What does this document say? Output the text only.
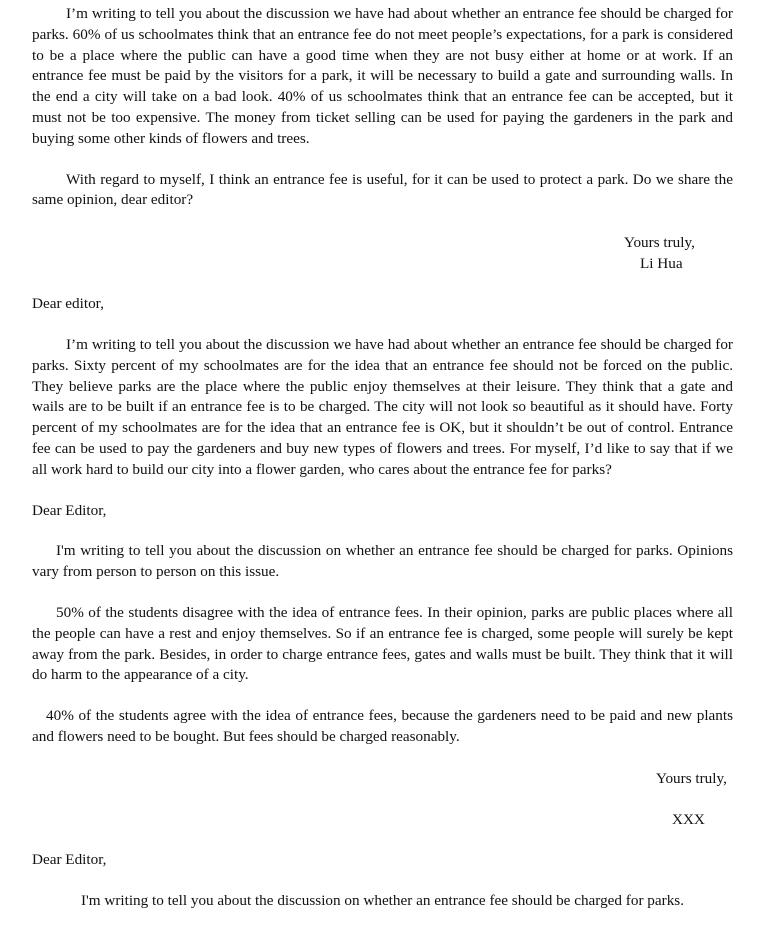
I’m writing to tell you about the discussion we have had about whether an entrance fee should be charged for parks. 60% of us schoolmates think that an entrance fee do not meet people’s expectations, for a park is considered to be a place where the public can have a good time when they are not busy either at home or at work. If an entrance fee must be paid by the visitors for a park, it will be necessary to build a gate and surrounding walls. In the end a city will take on a bad look. 40% of us schoolmates think that an entrance fee can be accepted, but it must not be too expensive. The money from ticket selling can be used for paying the gardeners in the park and buying some other kinds of flowers and trees.

With regard to myself, I think an entrance fee is useful, for it can be used to protect a park. Do we share the same opinion, dear editor?

Yours truly,
Li Hua

Dear editor,

I’m writing to tell you about the discussion we have had about whether an entrance fee should be charged for parks. Sixty percent of my schoolmates are for the idea that an entrance fee should not be forced on the public. They believe parks are the place where the public enjoy themselves at their leisure. They think that a gate and wails are to be built if an entrance fee is to be charged. The city will not look so beautiful as it should have. Forty percent of my schoolmates are for the idea that an entrance fee is OK, but it shouldn’t be out of control. Entrance fee can be used to pay the gardeners and buy new types of flowers and trees. For myself, I’d like to say that if we all work hard to build our city into a flower garden, who cares about the entrance fee for parks?

Dear Editor,

I'm writing to tell you about the discussion on whether an entrance fee should be charged for parks. Opinions vary from person to person on this issue.

50% of the students disagree with the idea of entrance fees. In their opinion, parks are public places where all the people can have a rest and enjoy themselves. So if an entrance fee is charged, some people will surely be kept away from the park. Besides, in order to charge entrance fees, gates and walls must be built. They think that it will do harm to the appearance of a city.

40% of the students agree with the idea of entrance fees, because the gardeners need to be paid and new plants and flowers need to be bought. But fees should be charged reasonably.

Yours truly,
XXX

Dear Editor,

I'm writing to tell you about the discussion on whether an entrance fee should be charged for parks.
